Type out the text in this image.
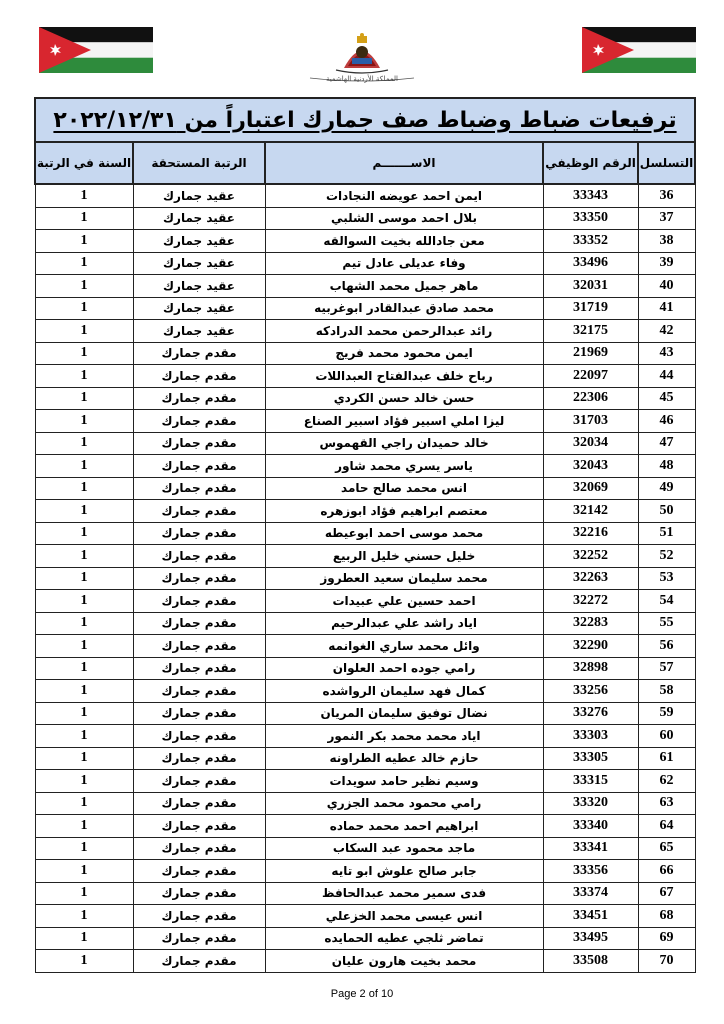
المملكة الأردنية الهاشمية
ترفيعات ضباط وضباط صف جمارك اعتباراً من ٢٠٢٢/١٢/٣١				
التسلسل	الرقم الوظيفي	الاســـــــم	الرتبة المستحقة	السنة في الرتبة
36	33343	ايمن احمد عويضه النجادات	عقيد جمارك	1
37	33350	بلال احمد موسى الشلبي	عقيد جمارك	1
38	33352	معن جادالله بخيت السوالقه	عقيد جمارك	1
39	33496	وفاء عديلى عادل تيم	عقيد جمارك	1
40	32031	ماهر جميل محمد الشهاب	عقيد جمارك	1
41	31719	محمد صادق عبدالقادر ابوغربيه	عقيد جمارك	1
42	32175	رائد عبدالرحمن محمد الدرادكه	عقيد جمارك	1
43	21969	ايمن محمود محمد فريج	مقدم جمارك	1
44	22097	رباح خلف عبدالفتاح العبداللات	مقدم جمارك	1
45	22306	حسن خالد حسن الكردي	مقدم جمارك	1
46	31703	ليزا املي اسبير فؤاد اسبير الصناع	مقدم جمارك	1
47	32034	خالد حميدان راجي القهموس	مقدم جمارك	1
48	32043	ياسر يسري محمد شاور	مقدم جمارك	1
49	32069	انس محمد صالح حامد	مقدم جمارك	1
50	32142	معتصم ابراهيم فؤاد ابوزهره	مقدم جمارك	1
51	32216	محمد موسى احمد ابوعيطه	مقدم جمارك	1
52	32252	خليل حسني خليل الربيع	مقدم جمارك	1
53	32263	محمد سليمان سعيد العطروز	مقدم جمارك	1
54	32272	احمد حسين علي عبيدات	مقدم جمارك	1
55	32283	اياد راشد علي عبدالرحيم	مقدم جمارك	1
56	32290	وائل محمد ساري الغوانمه	مقدم جمارك	1
57	32898	رامي جوده احمد العلوان	مقدم جمارك	1
58	33256	كمال فهد سليمان الرواشده	مقدم جمارك	1
59	33276	نضال توفيق سليمان المريان	مقدم جمارك	1
60	33303	اياد محمد محمد بكر النمور	مقدم جمارك	1
61	33305	حازم خالد عطيه الطراونه	مقدم جمارك	1
62	33315	وسيم نظير حامد سويدات	مقدم جمارك	1
63	33320	رامي محمود محمد الجزري	مقدم جمارك	1
64	33340	ابراهيم احمد محمد حماده	مقدم جمارك	1
65	33341	ماجد محمود عبد السكاب	مقدم جمارك	1
66	33356	جابر صالح علوش ابو تايه	مقدم جمارك	1
67	33374	فدى سمير محمد عبدالحافظ	مقدم جمارك	1
68	33451	انس عيسى محمد الخزعلي	مقدم جمارك	1
69	33495	تماضر ثلجي عطيه الحمايده	مقدم جمارك	1
70	33508	محمد بخيت هارون عليان	مقدم جمارك	1
Page 2 of 10
